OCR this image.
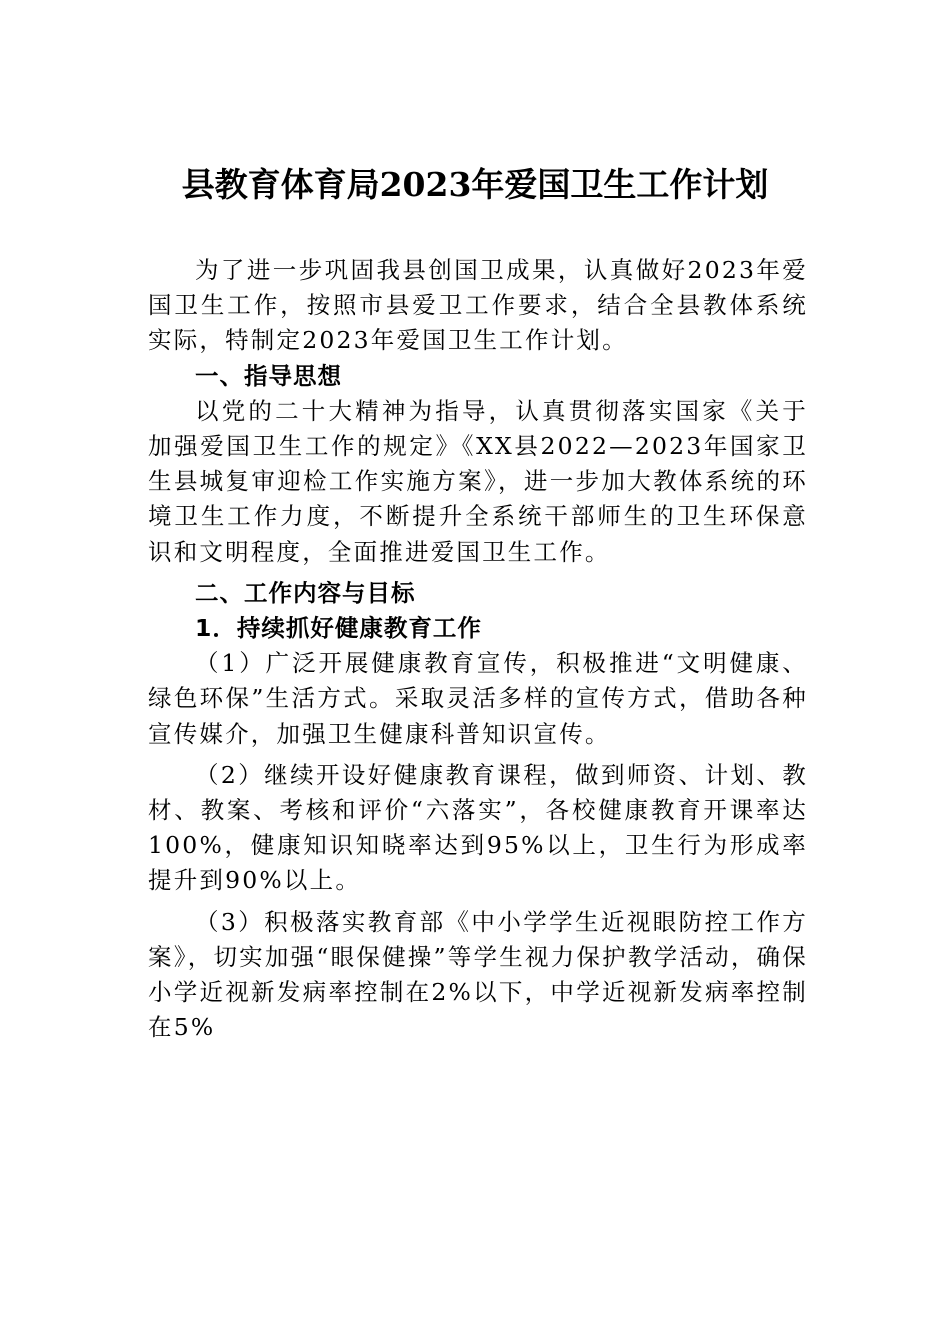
县教育体育局2023年爱国卫生工作计划

为了进一步巩固我县创国卫成果，认真做好2023年爱国卫生工作，按照市县爱卫工作要求，结合全县教体系统实际，特制定2023年爱国卫生工作计划。

一、指导思想

以党的二十大精神为指导，认真贯彻落实国家《关于加强爱国卫生工作的规定》《XX县2022—2023年国家卫生县城复审迎检工作实施方案》，进一步加大教体系统的环境卫生工作力度，不断提升全系统干部师生的卫生环保意识和文明程度，全面推进爱国卫生工作。

二、工作内容与目标

1．持续抓好健康教育工作

（1）广泛开展健康教育宣传，积极推进“文明健康、绿色环保”生活方式。采取灵活多样的宣传方式，借助各种宣传媒介，加强卫生健康科普知识宣传。

（2）继续开设好健康教育课程，做到师资、计划、教材、教案、考核和评价“六落实”，各校健康教育开课率达100%，健康知识知晓率达到95%以上，卫生行为形成率提升到90%以上。

（3）积极落实教育部《中小学学生近视眼防控工作方案》，切实加强“眼保健操”等学生视力保护教学活动，确保小学近视新发病率控制在2%以下，中学近视新发病率控制在5%
